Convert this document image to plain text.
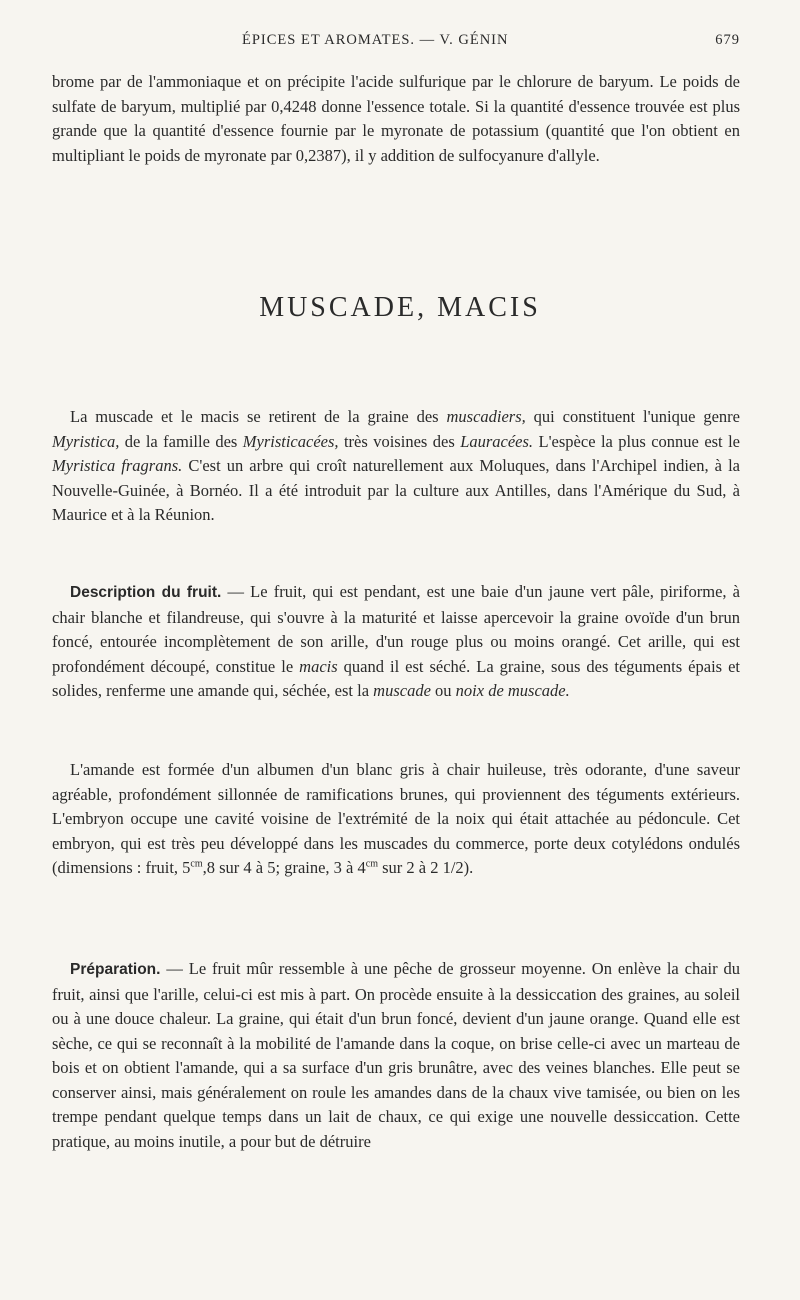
ÉPICES ET AROMATES. — V. GÉNIN	679

brome par de l'ammoniaque et on précipite l'acide sulfurique par le chlorure de baryum. Le poids de sulfate de baryum, multiplié par 0,4248 donne l'essence totale. Si la quantité d'essence trouvée est plus grande que la quantité d'essence fournie par le myronate de potassium (quantité que l'on obtient en multipliant le poids de myronate par 0,2387), il y addition de sulfocyanure d'allyle.

MUSCADE, MACIS

La muscade et le macis se retirent de la graine des muscadiers, qui constituent l'unique genre Myristica, de la famille des Myristicacées, très voisines des Lauracées. L'espèce la plus connue est le Myristica fragrans. C'est un arbre qui croît naturellement aux Moluques, dans l'Archipel indien, à la Nouvelle-Guinée, à Bornéo. Il a été introduit par la culture aux Antilles, dans l'Amérique du Sud, à Maurice et à la Réunion.

Description du fruit. — Le fruit, qui est pendant, est une baie d'un jaune vert pâle, piriforme, à chair blanche et filandreuse, qui s'ouvre à la maturité et laisse apercevoir la graine ovoïde d'un brun foncé, entourée incomplètement de son arille, d'un rouge plus ou moins orangé. Cet arille, qui est profondément découpé, constitue le macis quand il est séché. La graine, sous des téguments épais et solides, renferme une amande qui, séchée, est la muscade ou noix de muscade.

L'amande est formée d'un albumen d'un blanc gris à chair huileuse, très odorante, d'une saveur agréable, profondément sillonnée de ramifications brunes, qui proviennent des téguments extérieurs. L'embryon occupe une cavité voisine de l'extrémité de la noix qui était attachée au pédoncule. Cet embryon, qui est très peu développé dans les muscades du commerce, porte deux cotylédons ondulés (dimensions : fruit, $5^{cm},8$ sur 4 à 5; graine, 3 à $4^{cm}$ sur 2 à 2 1/2).

Préparation. — Le fruit mûr ressemble à une pêche de grosseur moyenne. On enlève la chair du fruit, ainsi que l'arille, celui-ci est mis à part. On procède ensuite à la dessiccation des graines, au soleil ou à une douce chaleur. La graine, qui était d'un brun foncé, devient d'un jaune orange. Quand elle est sèche, ce qui se reconnaît à la mobilité de l'amande dans la coque, on brise celle-ci avec un marteau de bois et on obtient l'amande, qui a sa surface d'un gris brunâtre, avec des veines blanches. Elle peut se conserver ainsi, mais généralement on roule les amandes dans de la chaux vive tamisée, ou bien on les trempe pendant quelque temps dans un lait de chaux, ce qui exige une nouvelle dessiccation. Cette pratique, au moins inutile, a pour but de détruire
